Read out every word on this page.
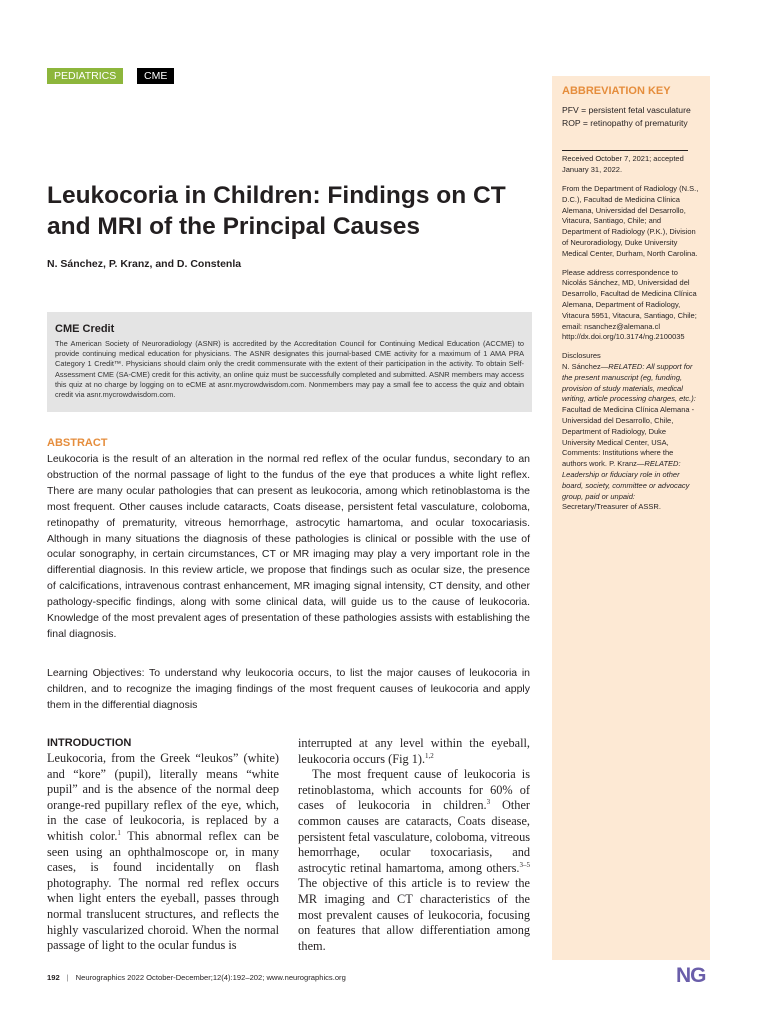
PEDIATRICS	CME
Leukocoria in Children: Findings on CT and MRI of the Principal Causes
N. Sánchez, P. Kranz, and D. Constenla
CME Credit
The American Society of Neuroradiology (ASNR) is accredited by the Accreditation Council for Continuing Medical Education (ACCME) to provide continuing medical education for physicians. The ASNR designates this journal-based CME activity for a maximum of 1 AMA PRA Category 1 Credit™. Physicians should claim only the credit commensurate with the extent of their participation in the activity. To obtain Self-Assessment CME (SA-CME) credit for this activity, an online quiz must be successfully completed and submitted. ASNR members may access this quiz at no charge by logging on to eCME at asnr.mycrowdwisdom.com. Nonmembers may pay a small fee to access the quiz and obtain credit via asnr.mycrowdwisdom.com.
ABSTRACT
Leukocoria is the result of an alteration in the normal red reflex of the ocular fundus, secondary to an obstruction of the normal passage of light to the fundus of the eye that produces a white light reflex. There are many ocular pathologies that can present as leukocoria, among which retinoblastoma is the most frequent. Other causes include cataracts, Coats disease, persistent fetal vasculature, coloboma, retinopathy of prematurity, vitreous hemorrhage, astrocytic hamartoma, and ocular toxocariasis. Although in many situations the diagnosis of these pathologies is clinical or possible with the use of ocular sonography, in certain circumstances, CT or MR imaging may play a very important role in the differential diagnosis. In this review article, we propose that findings such as ocular size, the presence of calcifications, intravenous contrast enhancement, MR imaging signal intensity, CT density, and other pathology-specific findings, along with some clinical data, will guide us to the cause of leukocoria. Knowledge of the most prevalent ages of presentation of these pathologies assists with establishing the final diagnosis.
Learning Objectives: To understand why leukocoria occurs, to list the major causes of leukocoria in children, and to recognize the imaging findings of the most frequent causes of leukocoria and apply them in the differential diagnosis
INTRODUCTION

Leukocoria, from the Greek “leukos” (white) and “kore” (pupil), literally means “white pupil” and is the absence of the normal deep orange-red pupillary reflex of the eye, which, in the case of leukocoria, is replaced by a whitish color.$^1$ This abnormal reflex can be seen using an ophthalmoscope or, in many cases, is found incidentally on flash photography. The normal red reflex occurs when light enters the eyeball, passes through normal translucent structures, and reflects the highly vascularized choroid. When the normal passage of light to the ocular fundus is

interrupted at any level within the eyeball, leukocoria occurs (Fig 1).$^{1,2}$

The most frequent cause of leukocoria is retinoblastoma, which accounts for 60% of cases of leukocoria in children.$^3$ Other common causes are cataracts, Coats disease, persistent fetal vasculature, coloboma, vitreous hemorrhage, ocular toxocariasis, and astrocytic retinal hamartoma, among others.$^{3-5}$ The objective of this article is to review the MR imaging and CT characteristics of the most prevalent causes of leukocoria, focusing on features that allow differentiation among them.

ABBREVIATION KEY
PFV = persistent fetal vasculature
ROP = retinopathy of prematurity
Received October 7, 2021; accepted January 31, 2022.
From the Department of Radiology (N.S., D.C.), Facultad de Medicina Clínica Alemana, Universidad del Desarrollo, Vitacura, Santiago, Chile; and Department of Radiology (P.K.), Division of Neuroradiology, Duke University Medical Center, Durham, North Carolina.
Please address correspondence to Nicolás Sánchez, MD, Universidad del Desarrollo, Facultad de Medicina Clínica Alemana, Department of Radiology, Vitacura 5951, Vitacura, Santiago, Chile; email: nsanchez@alemana.cl
http://dx.doi.org/10.3174/ng.2100035
Disclosures
N. Sánchez—RELATED: All support for the present manuscript (eg, funding, provision of study materials, medical writing, article processing charges, etc.): Facultad de Medicina Clínica Alemana - Universidad del Desarrollo, Chile, Department of Radiology, Duke University Medical Center, USA, Comments: Institutions where the authors work. P. Kranz—RELATED: Leadership or fiduciary role in other board, society, committee or advocacy group, paid or unpaid: Secretary/Treasurer of ASSR.
192 | Neurographics 2022 October-December;12(4):192–202; www.neurographics.org	NG
